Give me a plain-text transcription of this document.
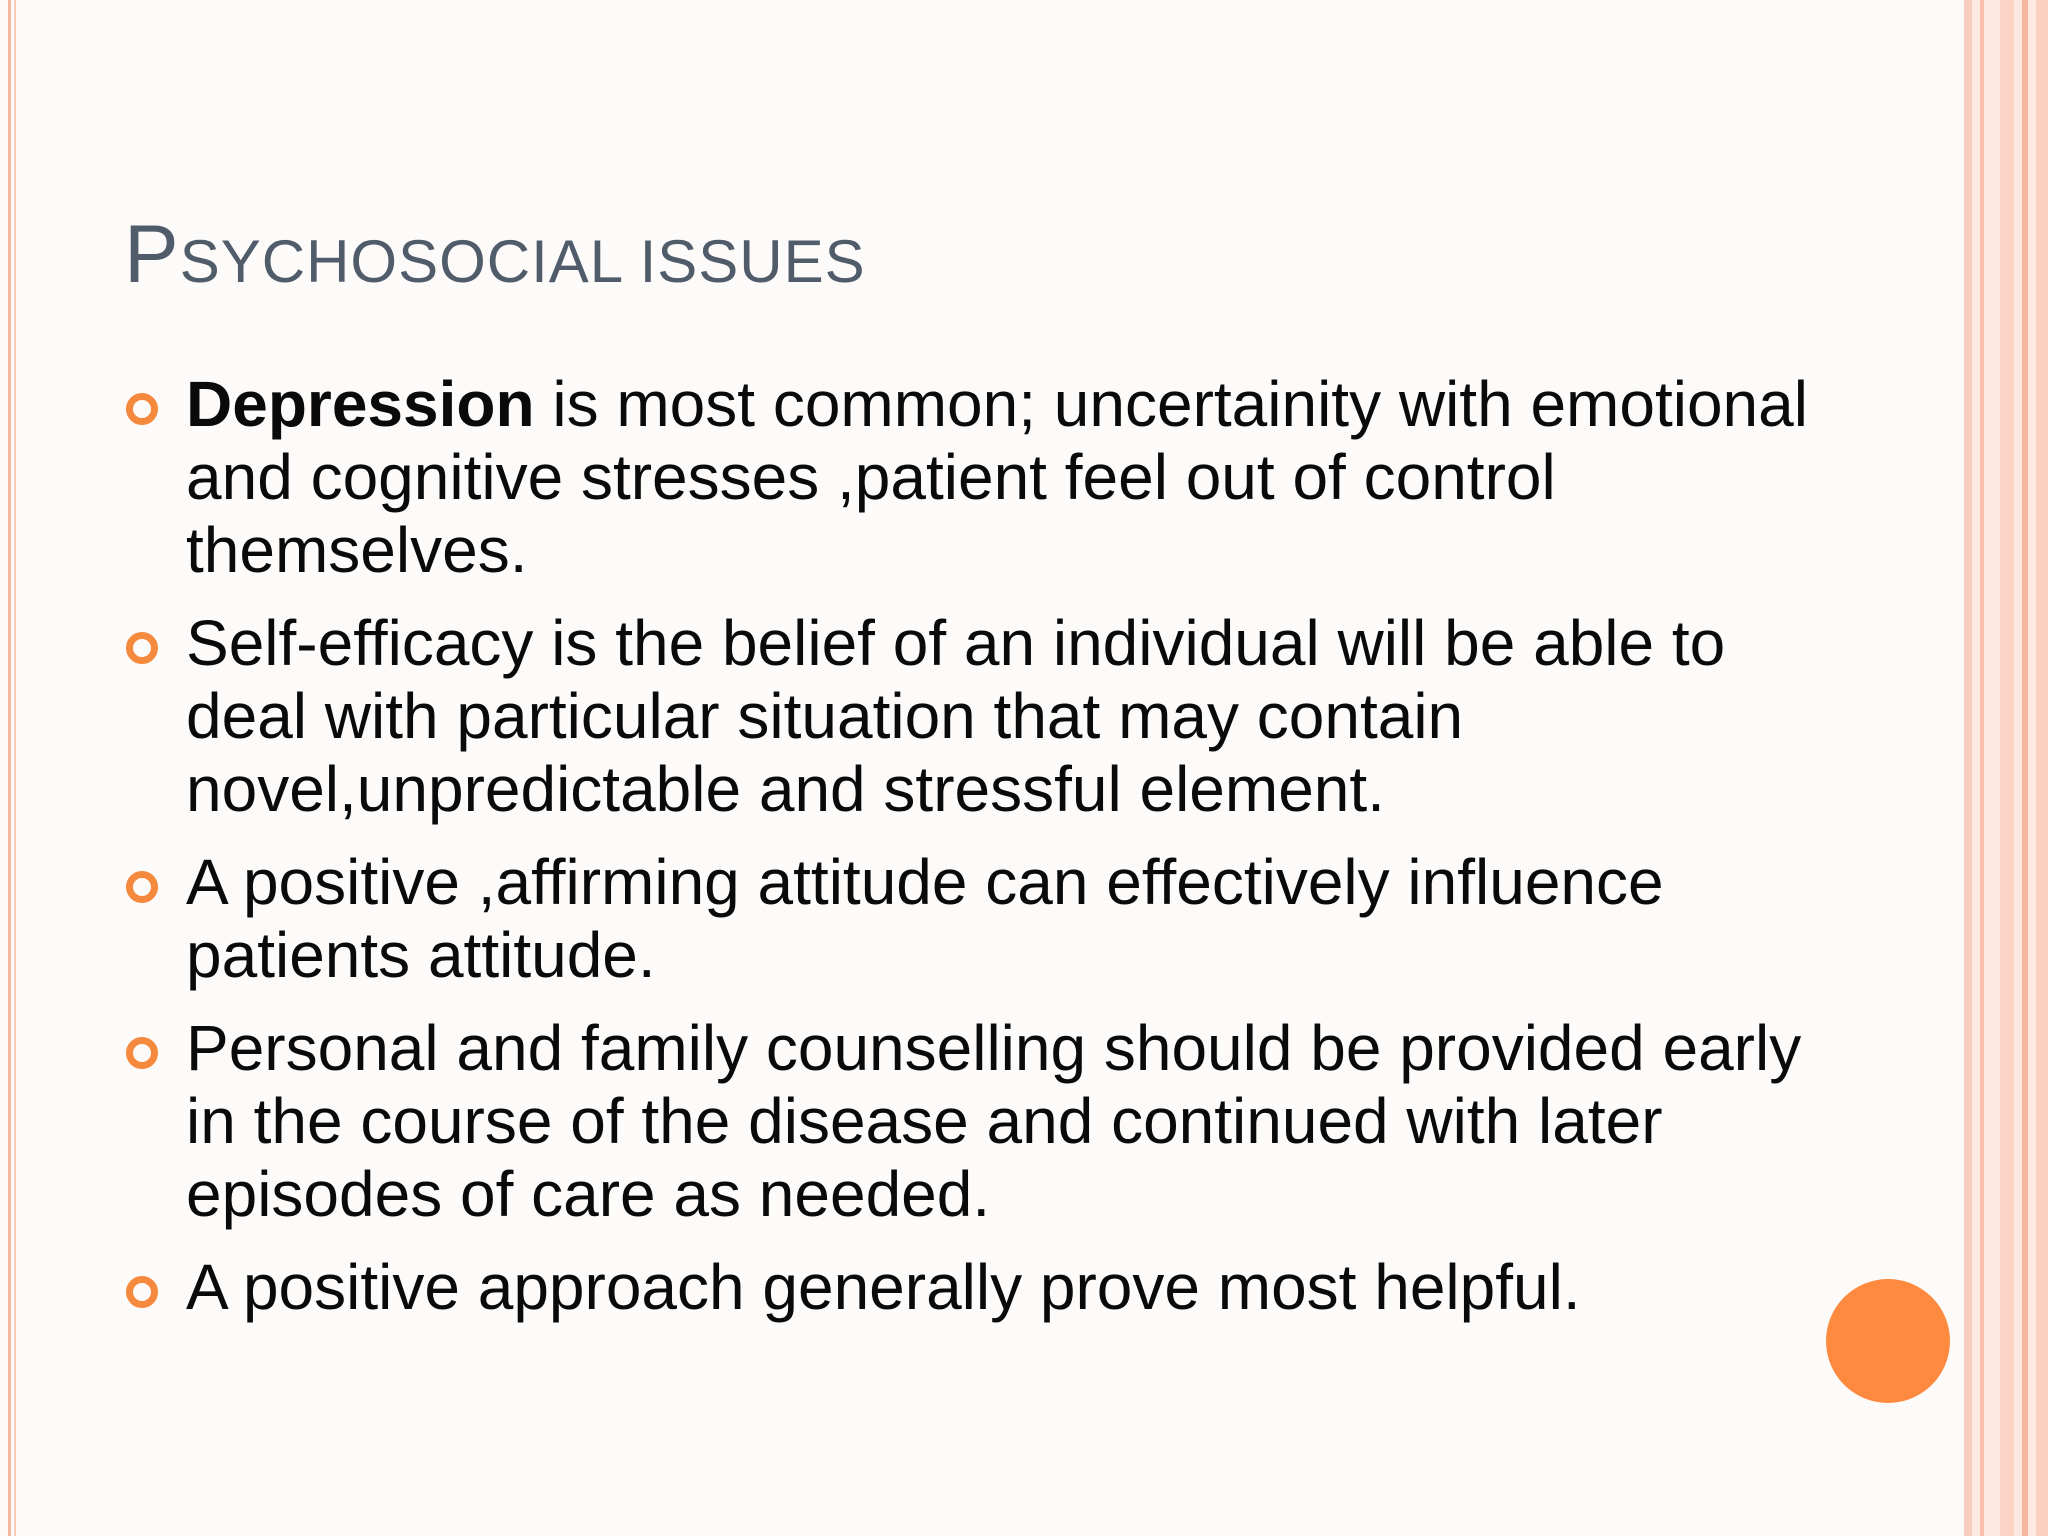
PSYCHOSOCIAL ISSUES
Depression is most common; uncertainity with emotional and cognitive stresses ,patient feel out of control themselves.
Self-efficacy is the belief of an individual will be able to deal with particular situation that may contain novel,unpredictable and stressful element.
A positive ,affirming attitude can effectively influence patients attitude.
Personal and family counselling should be provided early in the course of the disease and continued with later episodes of care as needed.
A positive approach generally prove most helpful.
